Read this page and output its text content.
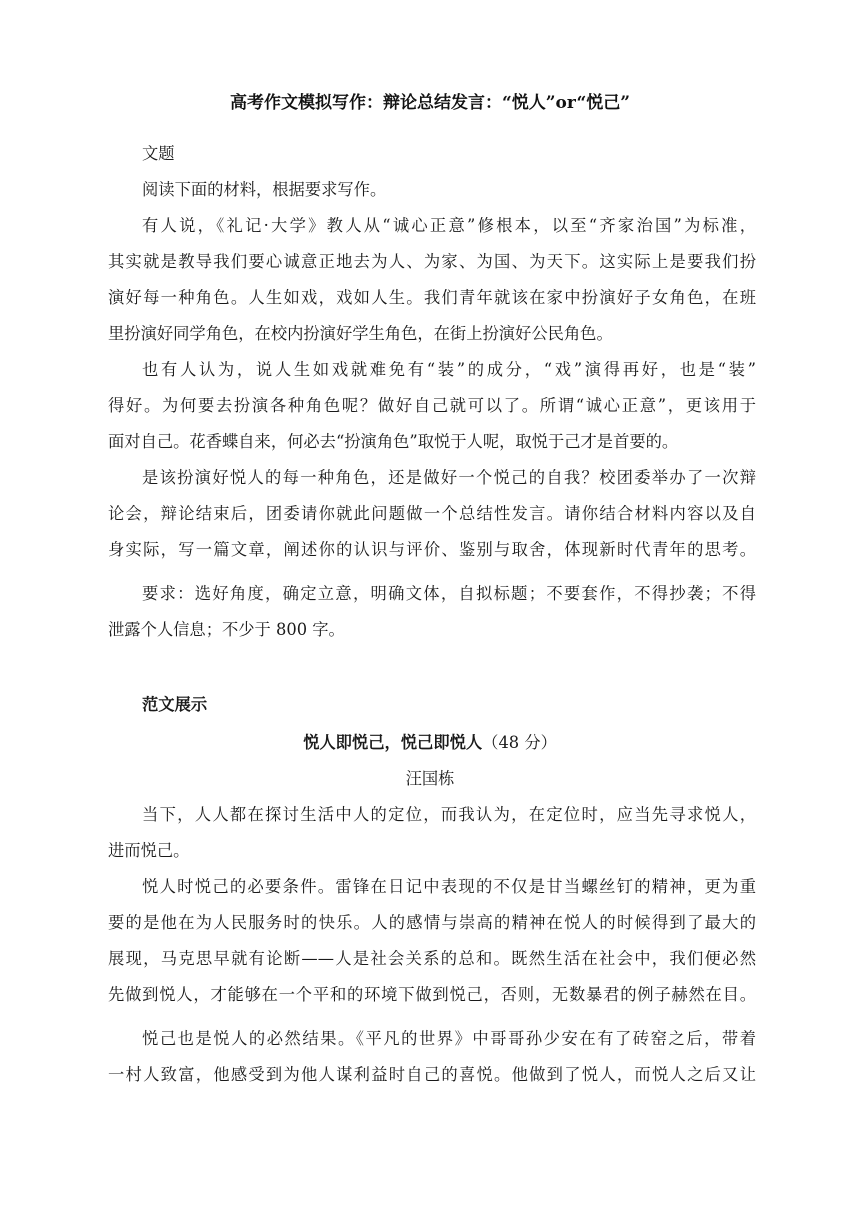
高考作文模拟写作：辩论总结发言：“悦人”or“悦己”
文题
阅读下面的材料，根据要求写作。
有人说，《礼记·大学》教人从“诚心正意”修根本，以至“齐家治国”为标准，
其实就是教导我们要心诚意正地去为人、为家、为国、为天下。这实际上是要我们扮
演好每一种角色。人生如戏，戏如人生。我们青年就该在家中扮演好子女角色，在班
里扮演好同学角色，在校内扮演好学生角色，在街上扮演好公民角色。
也有人认为，说人生如戏就难免有“装”的成分，“戏”演得再好，也是“装”
得好。为何要去扮演各种角色呢？做好自己就可以了。所谓“诚心正意”，更该用于
面对自己。花香蝶自来，何必去“扮演角色”取悦于人呢，取悦于己才是首要的。
是该扮演好悦人的每一种角色，还是做好一个悦己的自我？校团委举办了一次辩
论会，辩论结束后，团委请你就此问题做一个总结性发言。请你结合材料内容以及自
身实际，写一篇文章，阐述你的认识与评价、鉴别与取舍，体现新时代青年的思考。
要求：选好角度，确定立意，明确文体，自拟标题；不要套作，不得抄袭；不得
泄露个人信息；不少于 800 字。
范文展示
悦人即悦己，悦己即悦人（48 分）
汪国栋
当下，人人都在探讨生活中人的定位，而我认为，在定位时，应当先寻求悦人，
进而悦己。
悦人时悦己的必要条件。雷锋在日记中表现的不仅是甘当螺丝钉的精神，更为重
要的是他在为人民服务时的快乐。人的感情与崇高的精神在悦人的时候得到了最大的
展现，马克思早就有论断——人是社会关系的总和。既然生活在社会中，我们便必然
先做到悦人，才能够在一个平和的环境下做到悦己，否则，无数暴君的例子赫然在目。
悦己也是悦人的必然结果。《平凡的世界》中哥哥孙少安在有了砖窑之后，带着
一村人致富，他感受到为他人谋利益时自己的喜悦。他做到了悦人，而悦人之后又让
